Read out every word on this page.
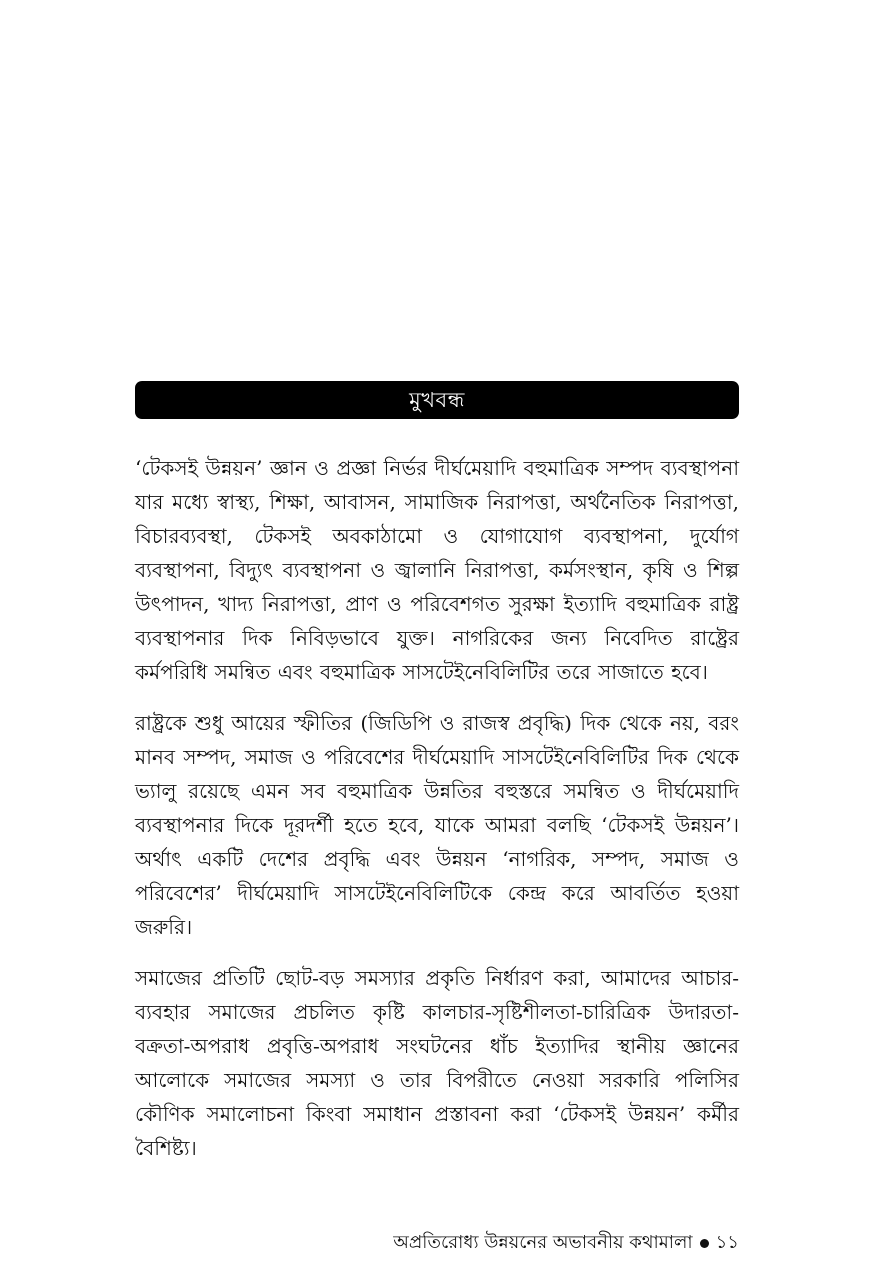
মুখবন্ধ

‘টেকসই উন্নয়ন’ জ্ঞান ও প্রজ্ঞা নির্ভর দীর্ঘমেয়াদি বহুমাত্রিক সম্পদ ব্যবস্থাপনা যার মধ্যে স্বাস্থ্য, শিক্ষা, আবাসন, সামাজিক নিরাপত্তা, অর্থনৈতিক নিরাপত্তা, বিচারব্যবস্থা, টেকসই অবকাঠামো ও যোগাযোগ ব্যবস্থাপনা, দুর্যোগ ব্যবস্থাপনা, বিদ্যুৎ ব্যবস্থাপনা ও জ্বালানি নিরাপত্তা, কর্মসংস্থান, কৃষি ও শিল্প উৎপাদন, খাদ্য নিরাপত্তা, প্রাণ ও পরিবেশগত সুরক্ষা ইত্যাদি বহুমাত্রিক রাষ্ট্র ব্যবস্থাপনার দিক নিবিড়ভাবে যুক্ত। নাগরিকের জন্য নিবেদিত রাষ্ট্রের কর্মপরিধি সমন্বিত এবং বহুমাত্রিক সাসটেইনেবিলিটির তরে সাজাতে হবে।

রাষ্ট্রকে শুধু আয়ের স্ফীতির (জিডিপি ও রাজস্ব প্রবৃদ্ধি) দিক থেকে নয়, বরং মানব সম্পদ, সমাজ ও পরিবেশের দীর্ঘমেয়াদি সাসটেইনেবিলিটির দিক থেকে ভ্যালু রয়েছে এমন সব বহুমাত্রিক উন্নতির বহুস্তরে সমন্বিত ও দীর্ঘমেয়াদি ব্যবস্থাপনার দিকে দূরদর্শী হতে হবে, যাকে আমরা বলছি ‘টেকসই উন্নয়ন’। অর্থাৎ একটি দেশের প্রবৃদ্ধি এবং উন্নয়ন ‘নাগরিক, সম্পদ, সমাজ ও পরিবেশের’ দীর্ঘমেয়াদি সাসটেইনেবিলিটিকে কেন্দ্র করে আবর্তিত হওয়া জরুরি।

সমাজের প্রতিটি ছোট-বড় সমস্যার প্রকৃতি নির্ধারণ করা, আমাদের আচার-ব্যবহার সমাজের প্রচলিত কৃষ্টি কালচার-সৃষ্টিশীলতা-চারিত্রিক উদারতা-বক্রতা-অপরাধ প্রবৃত্তি-অপরাধ সংঘটনের ধাঁচ ইত্যাদির স্থানীয় জ্ঞানের আলোকে সমাজের সমস্যা ও তার বিপরীতে নেওয়া সরকারি পলিসির কৌণিক সমালোচনা কিংবা সমাধান প্রস্তাবনা করা ‘টেকসই উন্নয়ন’ কর্মীর বৈশিষ্ট্য।

অপ্রতিরোধ্য উন্নয়নের অভাবনীয় কথামালা ১১
